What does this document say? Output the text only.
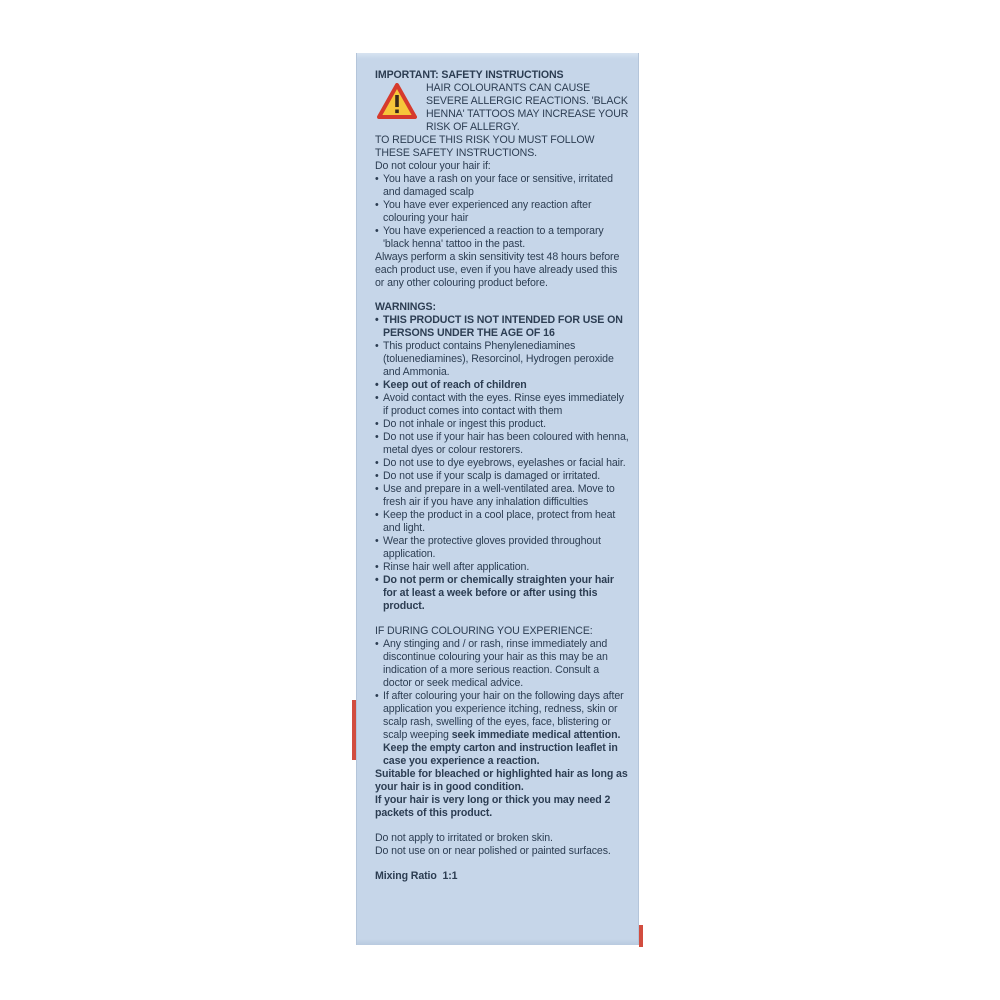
IMPORTANT: SAFETY INSTRUCTIONS

HAIR COLOURANTS CAN CAUSE SEVERE ALLERGIC REACTIONS. 'BLACK HENNA' TATTOOS MAY INCREASE YOUR RISK OF ALLERGY.

TO REDUCE THIS RISK YOU MUST FOLLOW THESE SAFETY INSTRUCTIONS.

Do not colour your hair if:

• You have a rash on your face or sensitive, irritated and damaged scalp
• You have ever experienced any reaction after colouring your hair
• You have experienced a reaction to a temporary 'black henna' tattoo in the past.

Always perform a skin sensitivity test 48 hours before each product use, even if you have already used this or any other colouring product before.

WARNINGS:

• THIS PRODUCT IS NOT INTENDED FOR USE ON PERSONS UNDER THE AGE OF 16
• This product contains Phenylenediamines (toluenediamines), Resorcinol, Hydrogen peroxide and Ammonia.
• Keep out of reach of children
• Avoid contact with the eyes. Rinse eyes immediately if product comes into contact with them
• Do not inhale or ingest this product.
• Do not use if your hair has been coloured with henna, metal dyes or colour restorers.
• Do not use to dye eyebrows, eyelashes or facial hair.
• Do not use if your scalp is damaged or irritated.
• Use and prepare in a well-ventilated area. Move to fresh air if you have any inhalation difficulties
• Keep the product in a cool place, protect from heat and light.
• Wear the protective gloves provided throughout application.
• Rinse hair well after application.
• Do not perm or chemically straighten your hair for at least a week before or after using this product.

IF DURING COLOURING YOU EXPERIENCE:

• Any stinging and / or rash, rinse immediately and discontinue colouring your hair as this may be an indication of a more serious reaction. Consult a doctor or seek medical advice.
• If after colouring your hair on the following days after application you experience itching, redness, skin or scalp rash, swelling of the eyes, face, blistering or scalp weeping seek immediate medical attention. Keep the empty carton and instruction leaflet in case you experience a reaction.

Suitable for bleached or highlighted hair as long as your hair is in good condition.

If your hair is very long or thick you may need 2 packets of this product.

Do not apply to irritated or broken skin.

Do not use on or near polished or painted surfaces.

Mixing Ratio  1:1
